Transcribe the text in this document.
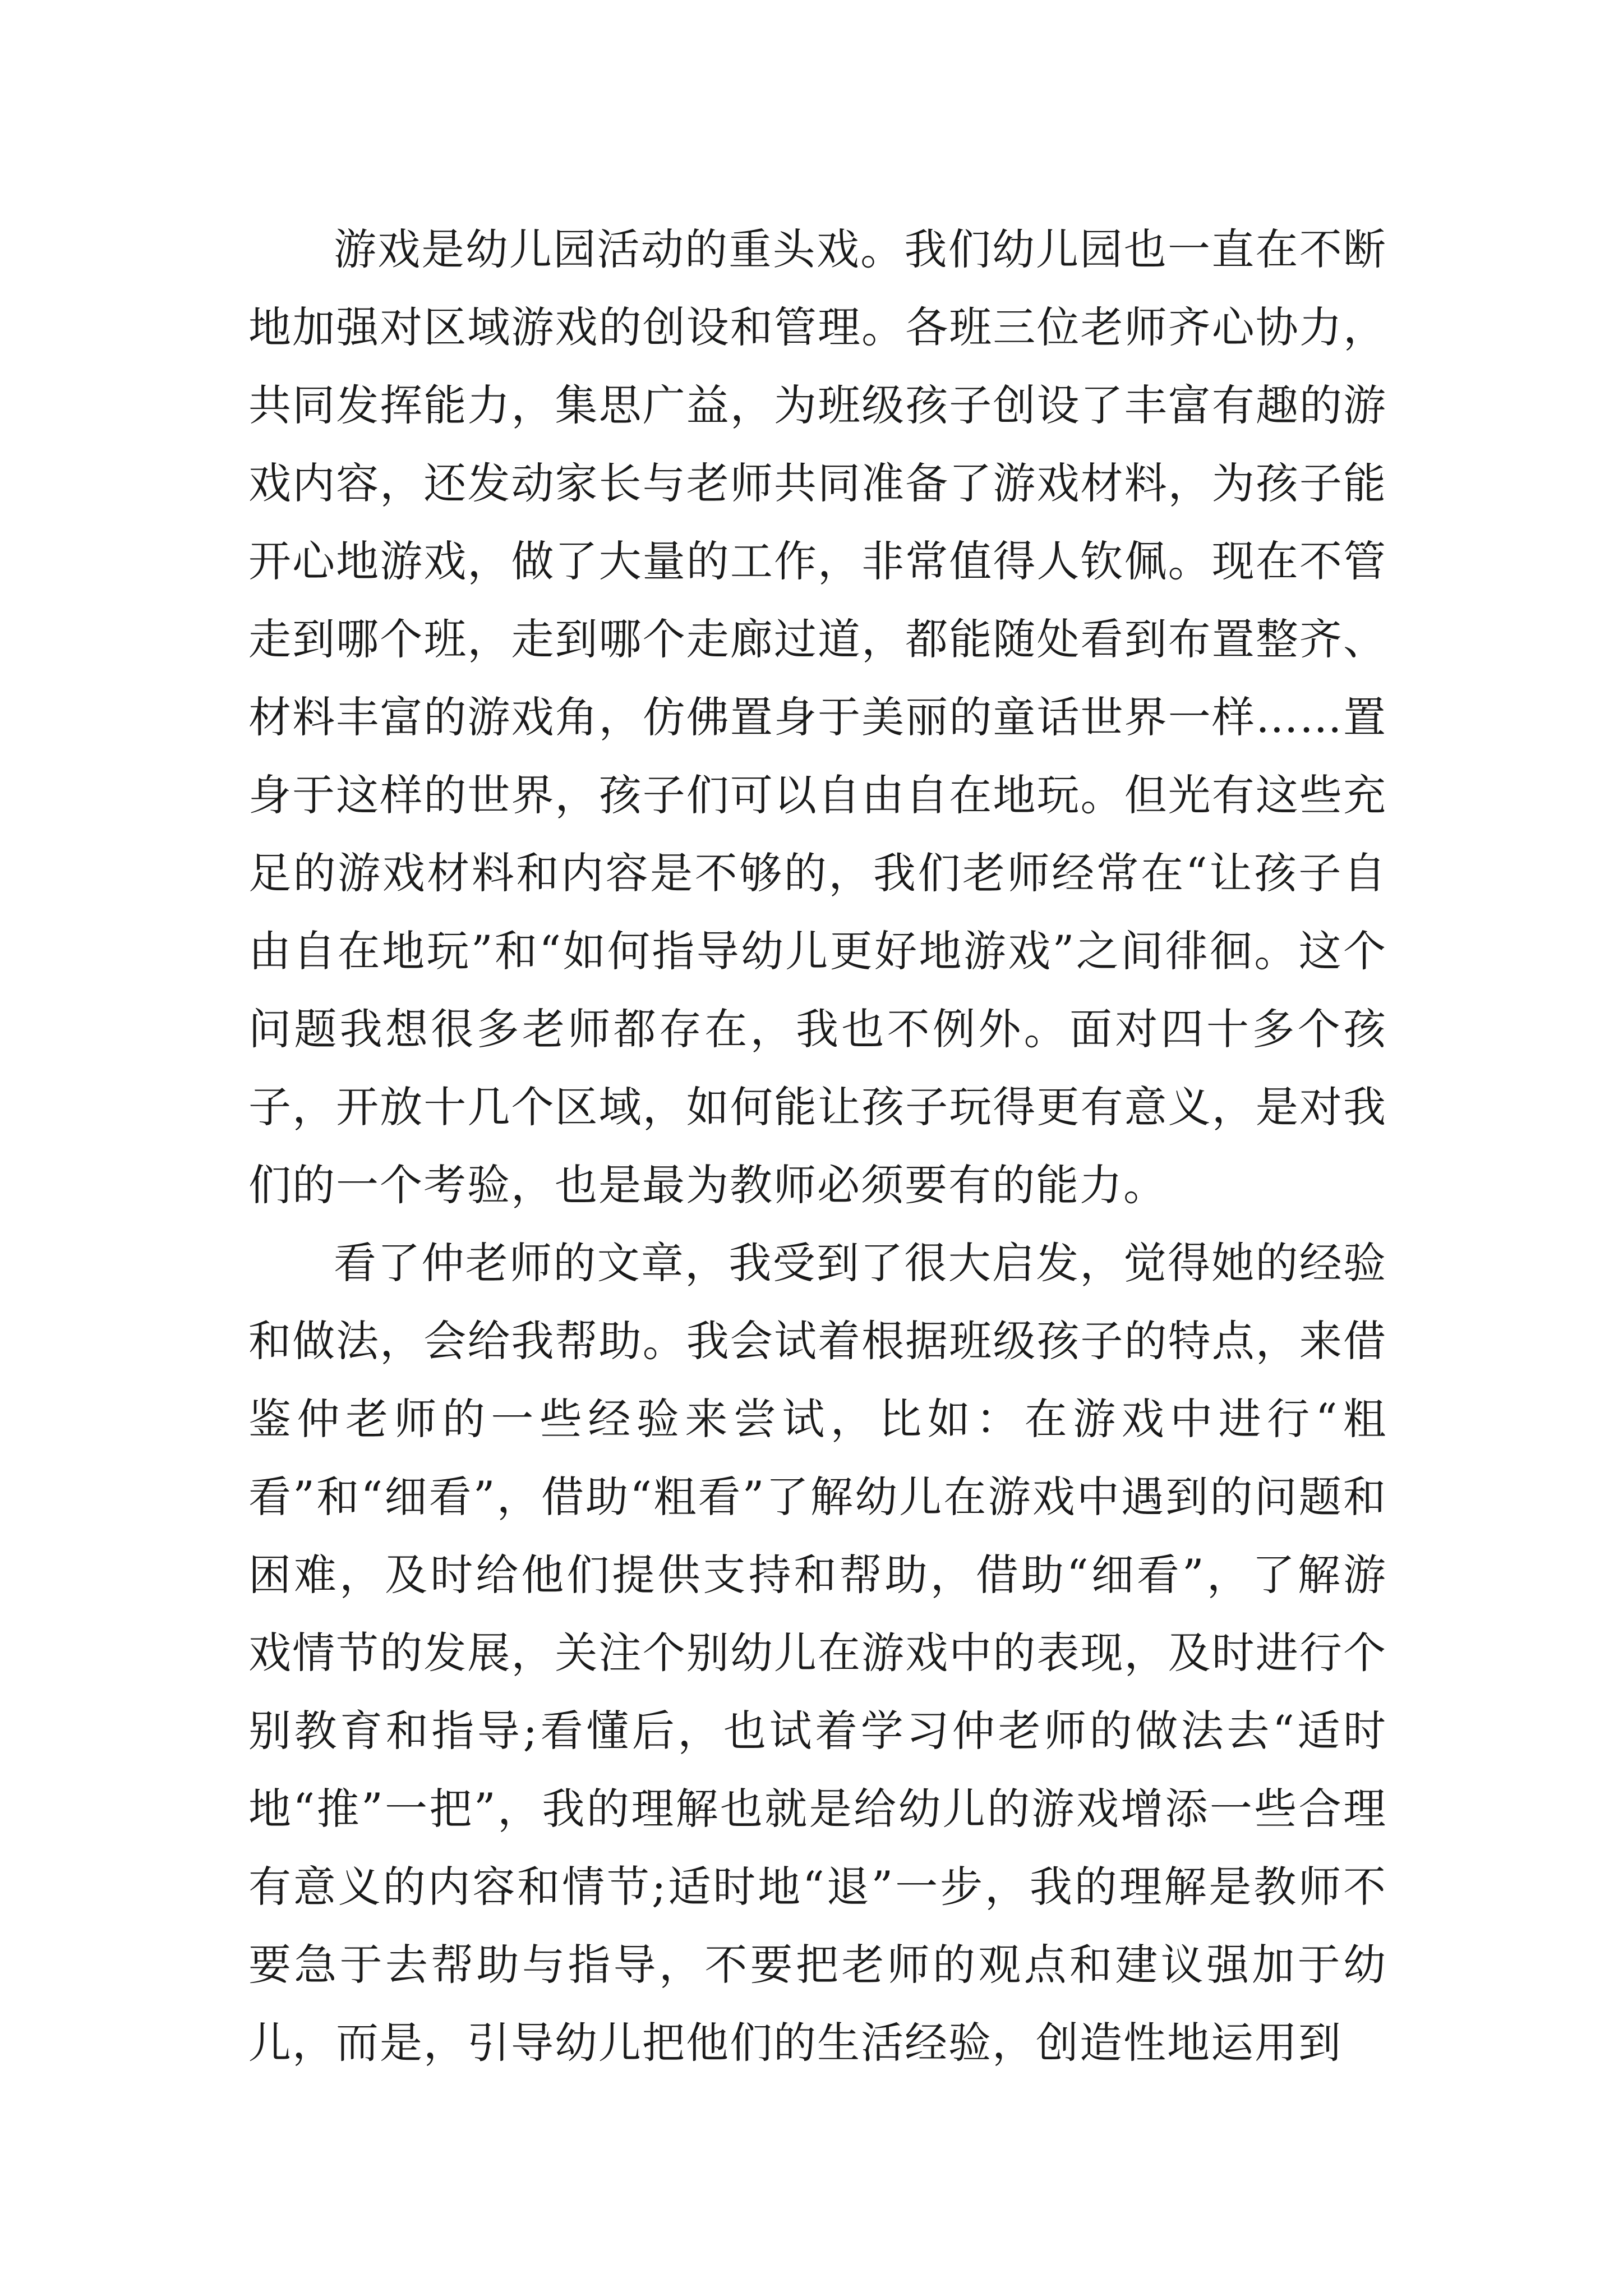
游戏是幼儿园活动的重头戏。我们幼儿园也一直在不断地加强对区域游戏的创设和管理。各班三位老师齐心协力，共同发挥能力，集思广益，为班级孩子创设了丰富有趣的游戏内容，还发动家长与老师共同准备了游戏材料，为孩子能开心地游戏，做了大量的工作，非常值得人钦佩。现在不管走到哪个班，走到哪个走廊过道，都能随处看到布置整齐、材料丰富的游戏角，仿佛置身于美丽的童话世界一样……置身于这样的世界，孩子们可以自由自在地玩。但光有这些充足的游戏材料和内容是不够的，我们老师经常在“让孩子自由自在地玩”和“如何指导幼儿更好地游戏”之间徘徊。这个问题我想很多老师都存在，我也不例外。面对四十多个孩子，开放十几个区域，如何能让孩子玩得更有意义，是对我们的一个考验，也是最为教师必须要有的能力。

看了仲老师的文章，我受到了很大启发，觉得她的经验和做法，会给我帮助。我会试着根据班级孩子的特点，来借鉴仲老师的一些经验来尝试，比如：在游戏中进行“粗看”和“细看”，借助“粗看”了解幼儿在游戏中遇到的问题和困难，及时给他们提供支持和帮助，借助“细看”，了解游戏情节的发展，关注个别幼儿在游戏中的表现，及时进行个别教育和指导;看懂后，也试着学习仲老师的做法去“适时地“推”一把”，我的理解也就是给幼儿的游戏增添一些合理有意义的内容和情节;适时地“退”一步，我的理解是教师不要急于去帮助与指导，不要把老师的观点和建议强加于幼儿，而是，引导幼儿把他们的生活经验，创造性地运用到
